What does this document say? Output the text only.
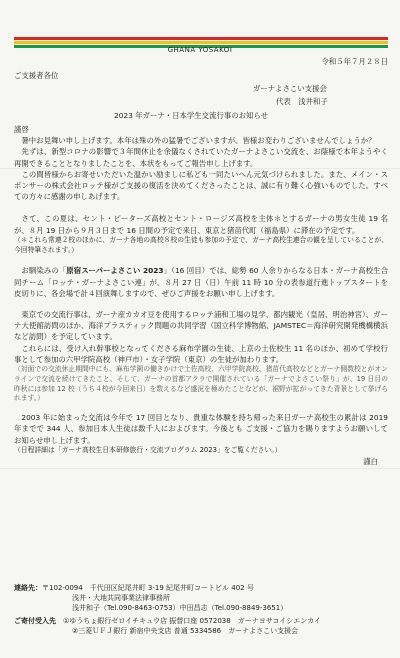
GHANA YOSAKOI
令和５年７月２８日
ご支援者各位
ガーナよさこい支援会
代表　浅井和子
2023 年ガーナ・日本学生交流行事のお知らせ

謹啓

暑中お見舞い申し上げます。本年は殊の外の猛暑でございますが、皆様お変わりございませんでしょうか？

先ずは、新型コロナの影響で３年間休止を余儀なくされていたガーナよさこい交流を、お蔭様で本年ようやく再開できることとなりましたことを、本状をもってご報告申し上げます。

この間皆様からお寄せいただいた温かい励ましに私ども一同たいへん元気づけられました。また、メイン・スポンサーの株式会社ロッテ様がご支援の復活を決めてくださったことは、誠に有り難く心強いものでした。すべての方々に感謝の申しあげます。

さて、この夏は、セント・ピーターズ高校とセント・ロージズ高校を主体＊とするガーナの男女生徒 19 名が、８月 19 日から９月３日まで 16 日間の予定で来日、東京と猪苗代町（福島県）に滞在の予定です。

（＊これら常連２校のほかに、ガーナ各地の高校８校の生徒も参加の予定で、ガーナ高校生連合の観を呈していることが、今回特筆されます。）

お馴染みの「原宿スーパーよさこい 2023」（16 回目）では、総勢 60 人余りからなる日本・ガーナ高校生合同チーム「ロッテ・ガーナよさこい連」が、８月 27 日（日）午前 11 時 10 分の表参道行進トップスタートを皮切りに、各会場で計４回演舞しますので、ぜひご声援をお願い申し上げます。

東京での交流行事は、ガーナ産カカオ豆を使用するロッテ浦和工場の見学、都内観光（皇居、明治神宮）、ガーナ大使館訪問のほか、海洋プラスティック問題の共同学習（国立科学博物館、JAMSTEC＝海洋研究開発機構横浜など訪問）を予定しています。

これらには、受け入れ幹事校となってくださる麻布学園の生徒、上京の土佐校生 11 名のほか、初めて学校行事として参加の六甲学院高校（神戸市）・女子学院（東京）の生徒が加わります。

（対面での交流休止期間中にも、麻布学園の働きかけで土佐高校、六甲学院高校、猪苗代高校などとガーナ側数校とがオンラインで交流を続けてきたこと、そして、ガーナの首都アクラで開催されている「ガーナでよさこい祭り」が、19 日目の昨秋には参加 12 校（うち４校が今回来日）を数えるなど盛況を極めたことなどが、裾野が拡がってきた背景として挙げられます。）

2003 年に始まった交流は今年で 17 回目となり、貴重な体験を持ち帰った来日ガーナ高校生の累計は 2019 年までで 344 人、参加日本人生徒は数千人におよびます。今後とも ご支援・ご協力を賜りますようお願いしてお知らせ申し上げます。

（日程詳細は「ガーナ高校生日本研修旅行・交流プログラム 2023」をご覧ください。）

謹白

連絡先：〒102-0094　千代田区紀尾井町 3-19 紀尾井町コートビル 402 号
浅井・大地共同事業法律事務所
浅井和子（Tel.090-8463-0753）中田昌志（Tel.090-8849-3651）
ご寄付受入先　 ①ゆうちょ銀行ゼロイチキュウ店 振替口座 0572038　ガーナヨサコイシエンカイ
②三菱ＵＦＪ銀行 新宿中央支店 普通 5334586　ガーナよさこい支援会
